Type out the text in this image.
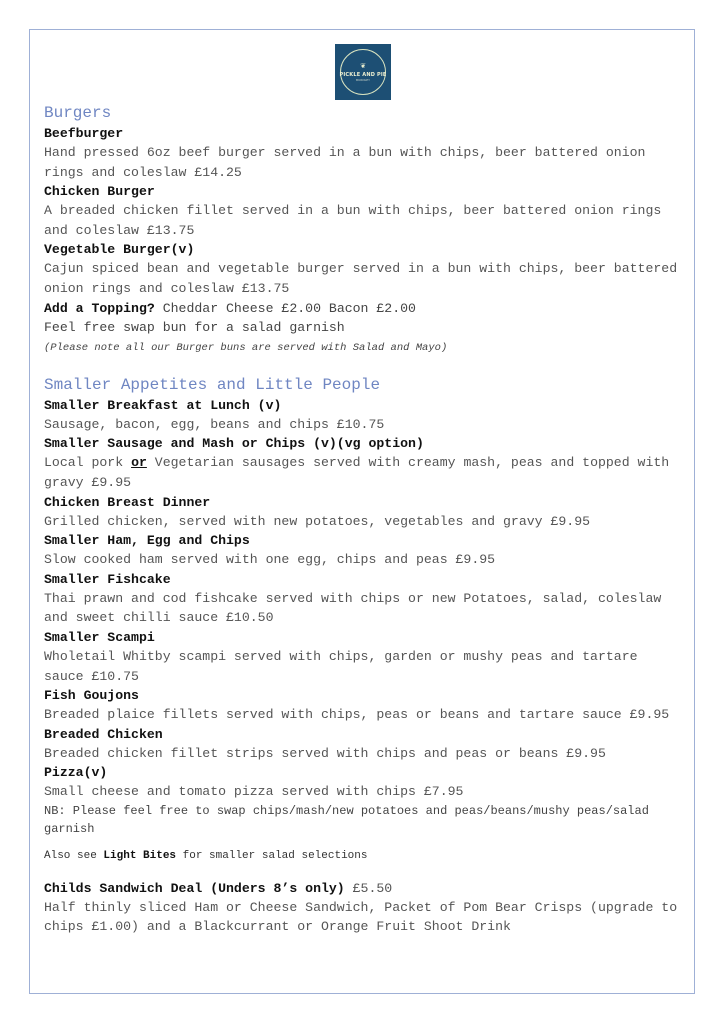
❦
PICKLE AND PIE
BURNLEY
Burgers
Beefburger
Hand pressed 6oz beef burger served in a bun with chips, beer battered onion rings and coleslaw £14.25
Chicken Burger
A breaded chicken fillet served in a bun with chips, beer battered onion rings and coleslaw £13.75
Vegetable Burger(v)
Cajun spiced bean and vegetable burger served in a bun with chips, beer battered onion rings and coleslaw £13.75
Add a Topping? Cheddar Cheese £2.00 Bacon £2.00
Feel free swap bun for a salad garnish
(Please note all our Burger buns are served with Salad and Mayo)
Smaller Appetites and Little People
Smaller Breakfast at Lunch (v)
Sausage, bacon, egg, beans and chips £10.75
Smaller Sausage and Mash or Chips (v)(vg option)
Local pork or Vegetarian sausages served with creamy mash, peas and topped with gravy £9.95
Chicken Breast Dinner
Grilled chicken, served with new potatoes, vegetables and gravy £9.95
Smaller Ham, Egg and Chips
Slow cooked ham served with one egg, chips and peas £9.95
Smaller Fishcake
Thai prawn and cod fishcake served with chips or new Potatoes, salad, coleslaw and sweet chilli sauce £10.50
Smaller Scampi
Wholetail Whitby scampi served with chips, garden or mushy peas and tartare sauce £10.75
Fish Goujons
Breaded plaice fillets served with chips, peas or beans and tartare sauce £9.95
Breaded Chicken
Breaded chicken fillet strips served with chips and peas or beans £9.95
Pizza(v)
Small cheese and tomato pizza served with chips £7.95
NB: Please feel free to swap chips/mash/new potatoes and peas/beans/mushy peas/salad garnish
Also see Light Bites for smaller salad selections
Childs Sandwich Deal (Unders 8’s only) £5.50
Half thinly sliced Ham or Cheese Sandwich, Packet of Pom Bear Crisps (upgrade to chips £1.00) and a Blackcurrant or Orange Fruit Shoot Drink
